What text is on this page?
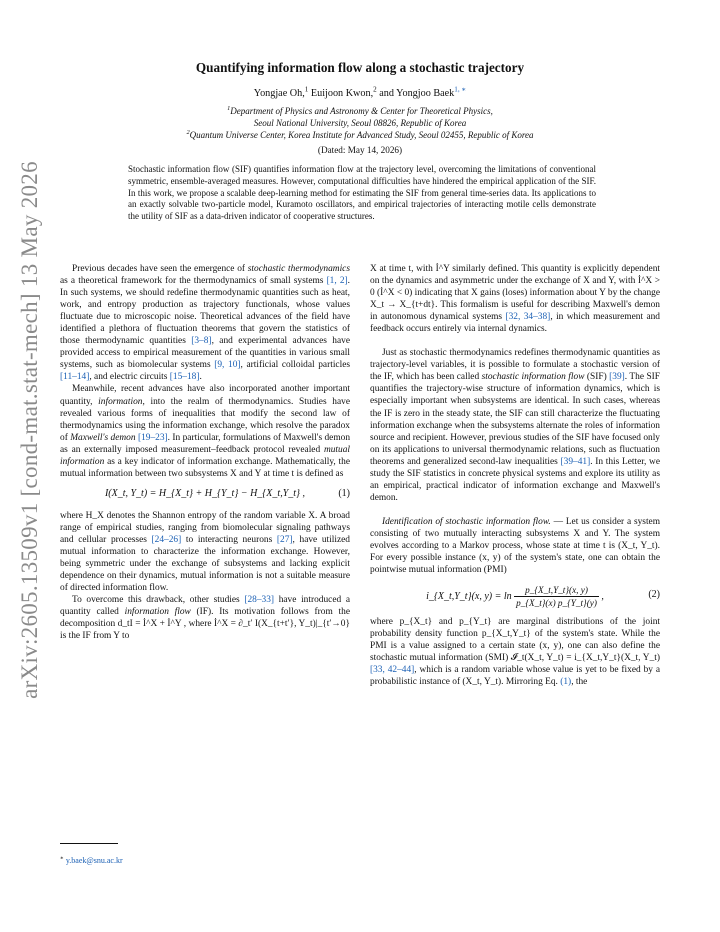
arXiv:2605.13509v1 [cond-mat.stat-mech] 13 May 2026
Quantifying information flow along a stochastic trajectory
Yongjae Oh,$^1$ Euijoon Kwon,$^2$ and Yongjoo Baek$^{1, ∗}$
$^1$Department of Physics and Astronomy & Center for Theoretical Physics,
Seoul National University, Seoul 08826, Republic of Korea
$^2$Quantum Universe Center, Korea Institute for Advanced Study, Seoul 02455, Republic of Korea
(Dated: May 14, 2026)
Stochastic information flow (SIF) quantifies information flow at the trajectory level, overcoming the limitations of conventional symmetric, ensemble-averaged measures. However, computational difficulties have hindered the empirical application of the SIF. In this work, we propose a scalable deep-learning method for estimating the SIF from general time-series data. Its applications to an exactly solvable two-particle model, Kuramoto oscillators, and empirical trajectories of interacting motile cells demonstrate the utility of SIF as a data-driven indicator of cooperative structures.

Previous decades have seen the emergence of stochastic thermodynamics as a theoretical framework for the thermodynamics of small systems [1, 2]. In such systems, we should redefine thermodynamic quantities such as heat, work, and entropy production as trajectory functionals, whose values fluctuate due to microscopic noise. Theoretical advances of the field have identified a plethora of fluctuation theorems that govern the statistics of those thermodynamic quantities [3–8], and experimental advances have provided access to empirical measurement of the quantities in various small systems, such as biomolecular systems [9, 10], artificial colloidal particles [11–14], and electric circuits [15–18].

Meanwhile, recent advances have also incorporated another important quantity, information, into the realm of thermodynamics. Studies have revealed various forms of inequalities that modify the second law of thermodynamics using the information exchange, which resolve the paradox of Maxwell's demon [19–23]. In particular, formulations of Maxwell's demon as an externally imposed measurement–feedback protocol revealed mutual information as a key indicator of information exchange. Mathematically, the mutual information between two subsystems X and Y at time t is defined as

I(X_t, Y_t) = H_{X_t} + H_{Y_t} − H_{X_t,Y_t} ,	(1)

where H_X denotes the Shannon entropy of the random variable X. A broad range of empirical studies, ranging from biomolecular signaling pathways and cellular processes [24–26] to interacting neurons [27], have utilized mutual information to characterize the information exchange. However, being symmetric under the exchange of subsystems and lacking explicit dependence on their dynamics, mutual information is not a suitable measure of directed information flow.

To overcome this drawback, other studies [28–33] have introduced a quantity called information flow (IF). Its motivation follows from the decomposition d_tI = İ^X + İ^Y , where İ^X = ∂_t′ I(X_{t+t′}, Y_t)|_{t′→0} is the IF from Y to

X at time t, with İ^Y similarly defined. This quantity is explicitly dependent on the dynamics and asymmetric under the exchange of X and Y, with İ^X > 0 (İ^X < 0) indicating that X gains (loses) information about Y by the change X_t → X_{t+dt}. This formalism is useful for describing Maxwell's demon in autonomous dynamical systems [32, 34–38], in which measurement and feedback occurs entirely via internal dynamics.

Just as stochastic thermodynamics redefines thermodynamic quantities as trajectory-level variables, it is possible to formulate a stochastic version of the IF, which has been called stochastic information flow (SIF) [39]. The SIF quantifies the trajectory-wise structure of information dynamics, which is especially important when subsystems are identical. In such cases, whereas the IF is zero in the steady state, the SIF can still characterize the fluctuating information exchange when the subsystems alternate the roles of information source and recipient. However, previous studies of the SIF have focused only on its applications to universal thermodynamic relations, such as fluctuation theorems and generalized second-law inequalities [39–41]. In this Letter, we study the SIF statistics in concrete physical systems and explore its utility as an empirical, practical indicator of information exchange and Maxwell's demon.

Identification of stochastic information flow. — Let us consider a system consisting of two mutually interacting subsystems X and Y. The system evolves according to a Markov process, whose state at time t is (X_t, Y_t). For every possible instance (x, y) of the system's state, one can obtain the pointwise mutual information (PMI)

i_{X_t,Y_t}(x, $y) = \ln \frac{p\_\{X\_t,Y\_t\}(x, y)}{p\_\{X\_t\}(x) p\_\{Y\_t\}(y)}$ ,	(2)

where p_{X_t} and p_{Y_t} are marginal distributions of the joint probability density function p_{X_t,Y_t} of the system's state. While the PMI is a value assigned to a certain state (x, y), one can also define the stochastic mutual information (SMI) 𝓘_t(X_t, Y_t) = i_{X_t,Y_t}(X_t, Y_t) [33, 42–44], which is a random variable whose value is yet to be fixed by a probabilistic instance of (X_t, Y_t). Mirroring Eq. (1), the

∗ y.baek@snu.ac.kr
